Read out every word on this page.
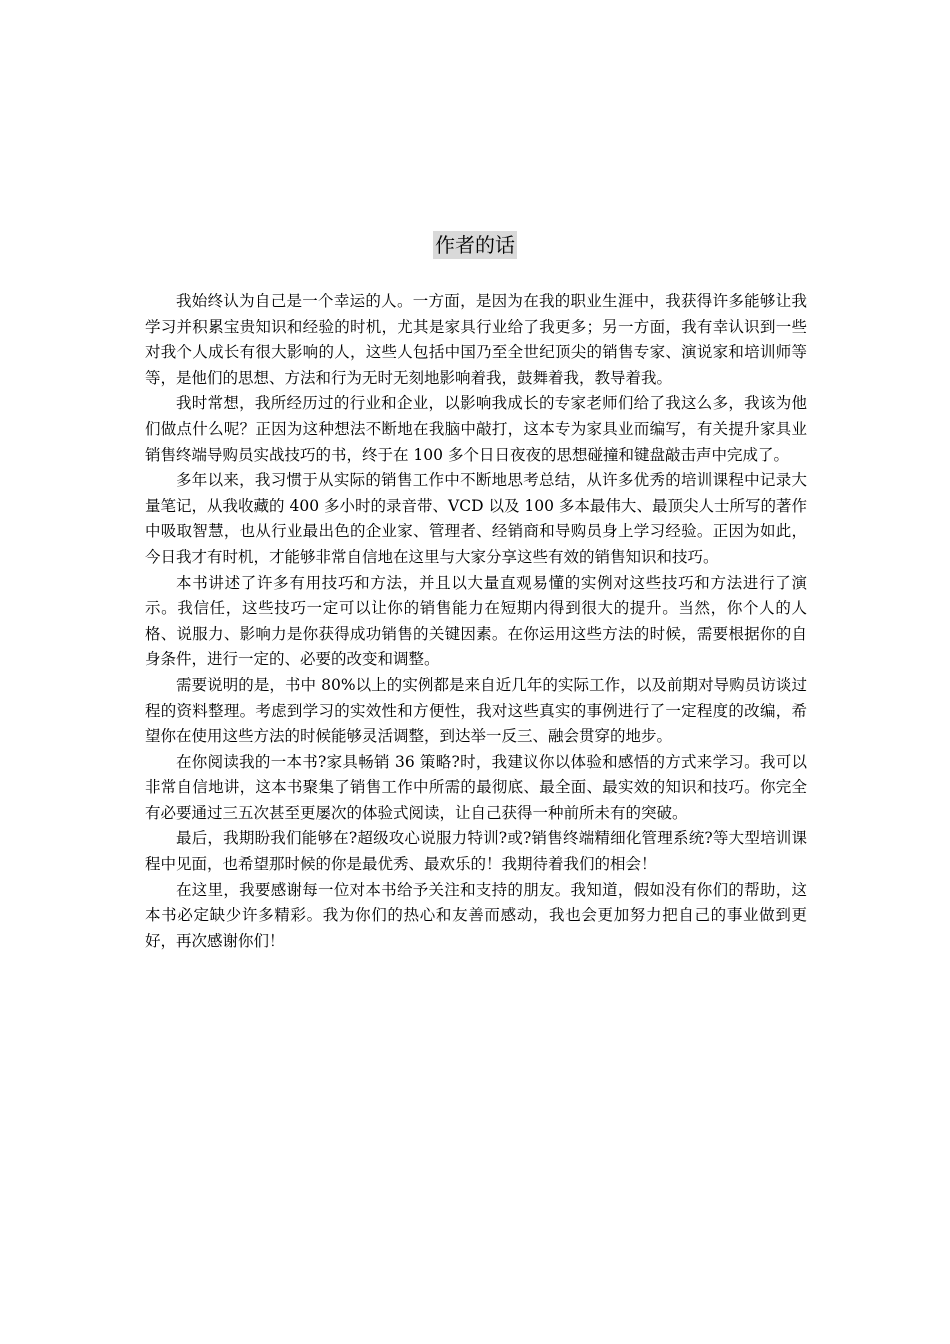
作者的话

我始终认为自己是一个幸运的人。一方面，是因为在我的职业生涯中，我获得许多能够让我学习并积累宝贵知识和经验的时机，尤其是家具行业给了我更多；另一方面，我有幸认识到一些对我个人成长有很大影响的人，这些人包括中国乃至全世纪顶尖的销售专家、演说家和培训师等等，是他们的思想、方法和行为无时无刻地影响着我，鼓舞着我，教导着我。

我时常想，我所经历过的行业和企业，以影响我成长的专家老师们给了我这么多，我该为他们做点什么呢？正因为这种想法不断地在我脑中敲打，这本专为家具业而编写，有关提升家具业销售终端导购员实战技巧的书，终于在 100 多个日日夜夜的思想碰撞和键盘敲击声中完成了。

多年以来，我习惯于从实际的销售工作中不断地思考总结，从许多优秀的培训课程中记录大量笔记，从我收藏的 400 多小时的录音带、VCD 以及 100 多本最伟大、最顶尖人士所写的著作中吸取智慧，也从行业最出色的企业家、管理者、经销商和导购员身上学习经验。正因为如此，今日我才有时机，才能够非常自信地在这里与大家分享这些有效的销售知识和技巧。

本书讲述了许多有用技巧和方法，并且以大量直观易懂的实例对这些技巧和方法进行了演示。我信任，这些技巧一定可以让你的销售能力在短期内得到很大的提升。当然，你个人的人格、说服力、影响力是你获得成功销售的关键因素。在你运用这些方法的时候，需要根据你的自身条件，进行一定的、必要的改变和调整。

需要说明的是，书中 80%以上的实例都是来自近几年的实际工作，以及前期对导购员访谈过程的资料整理。考虑到学习的实效性和方便性，我对这些真实的事例进行了一定程度的改编，希望你在使用这些方法的时候能够灵活调整，到达举一反三、融会贯穿的地步。

在你阅读我的一本书?家具畅销 36 策略?时，我建议你以体验和感悟的方式来学习。我可以非常自信地讲，这本书聚集了销售工作中所需的最彻底、最全面、最实效的知识和技巧。你完全有必要通过三五次甚至更屡次的体验式阅读，让自己获得一种前所未有的突破。

最后，我期盼我们能够在?超级攻心说服力特训?或?销售终端精细化管理系统?等大型培训课程中见面，也希望那时候的你是最优秀、最欢乐的！我期待着我们的相会！

在这里，我要感谢每一位对本书给予关注和支持的朋友。我知道，假如没有你们的帮助，这本书必定缺少许多精彩。我为你们的热心和友善而感动，我也会更加努力把自己的事业做到更好，再次感谢你们！
